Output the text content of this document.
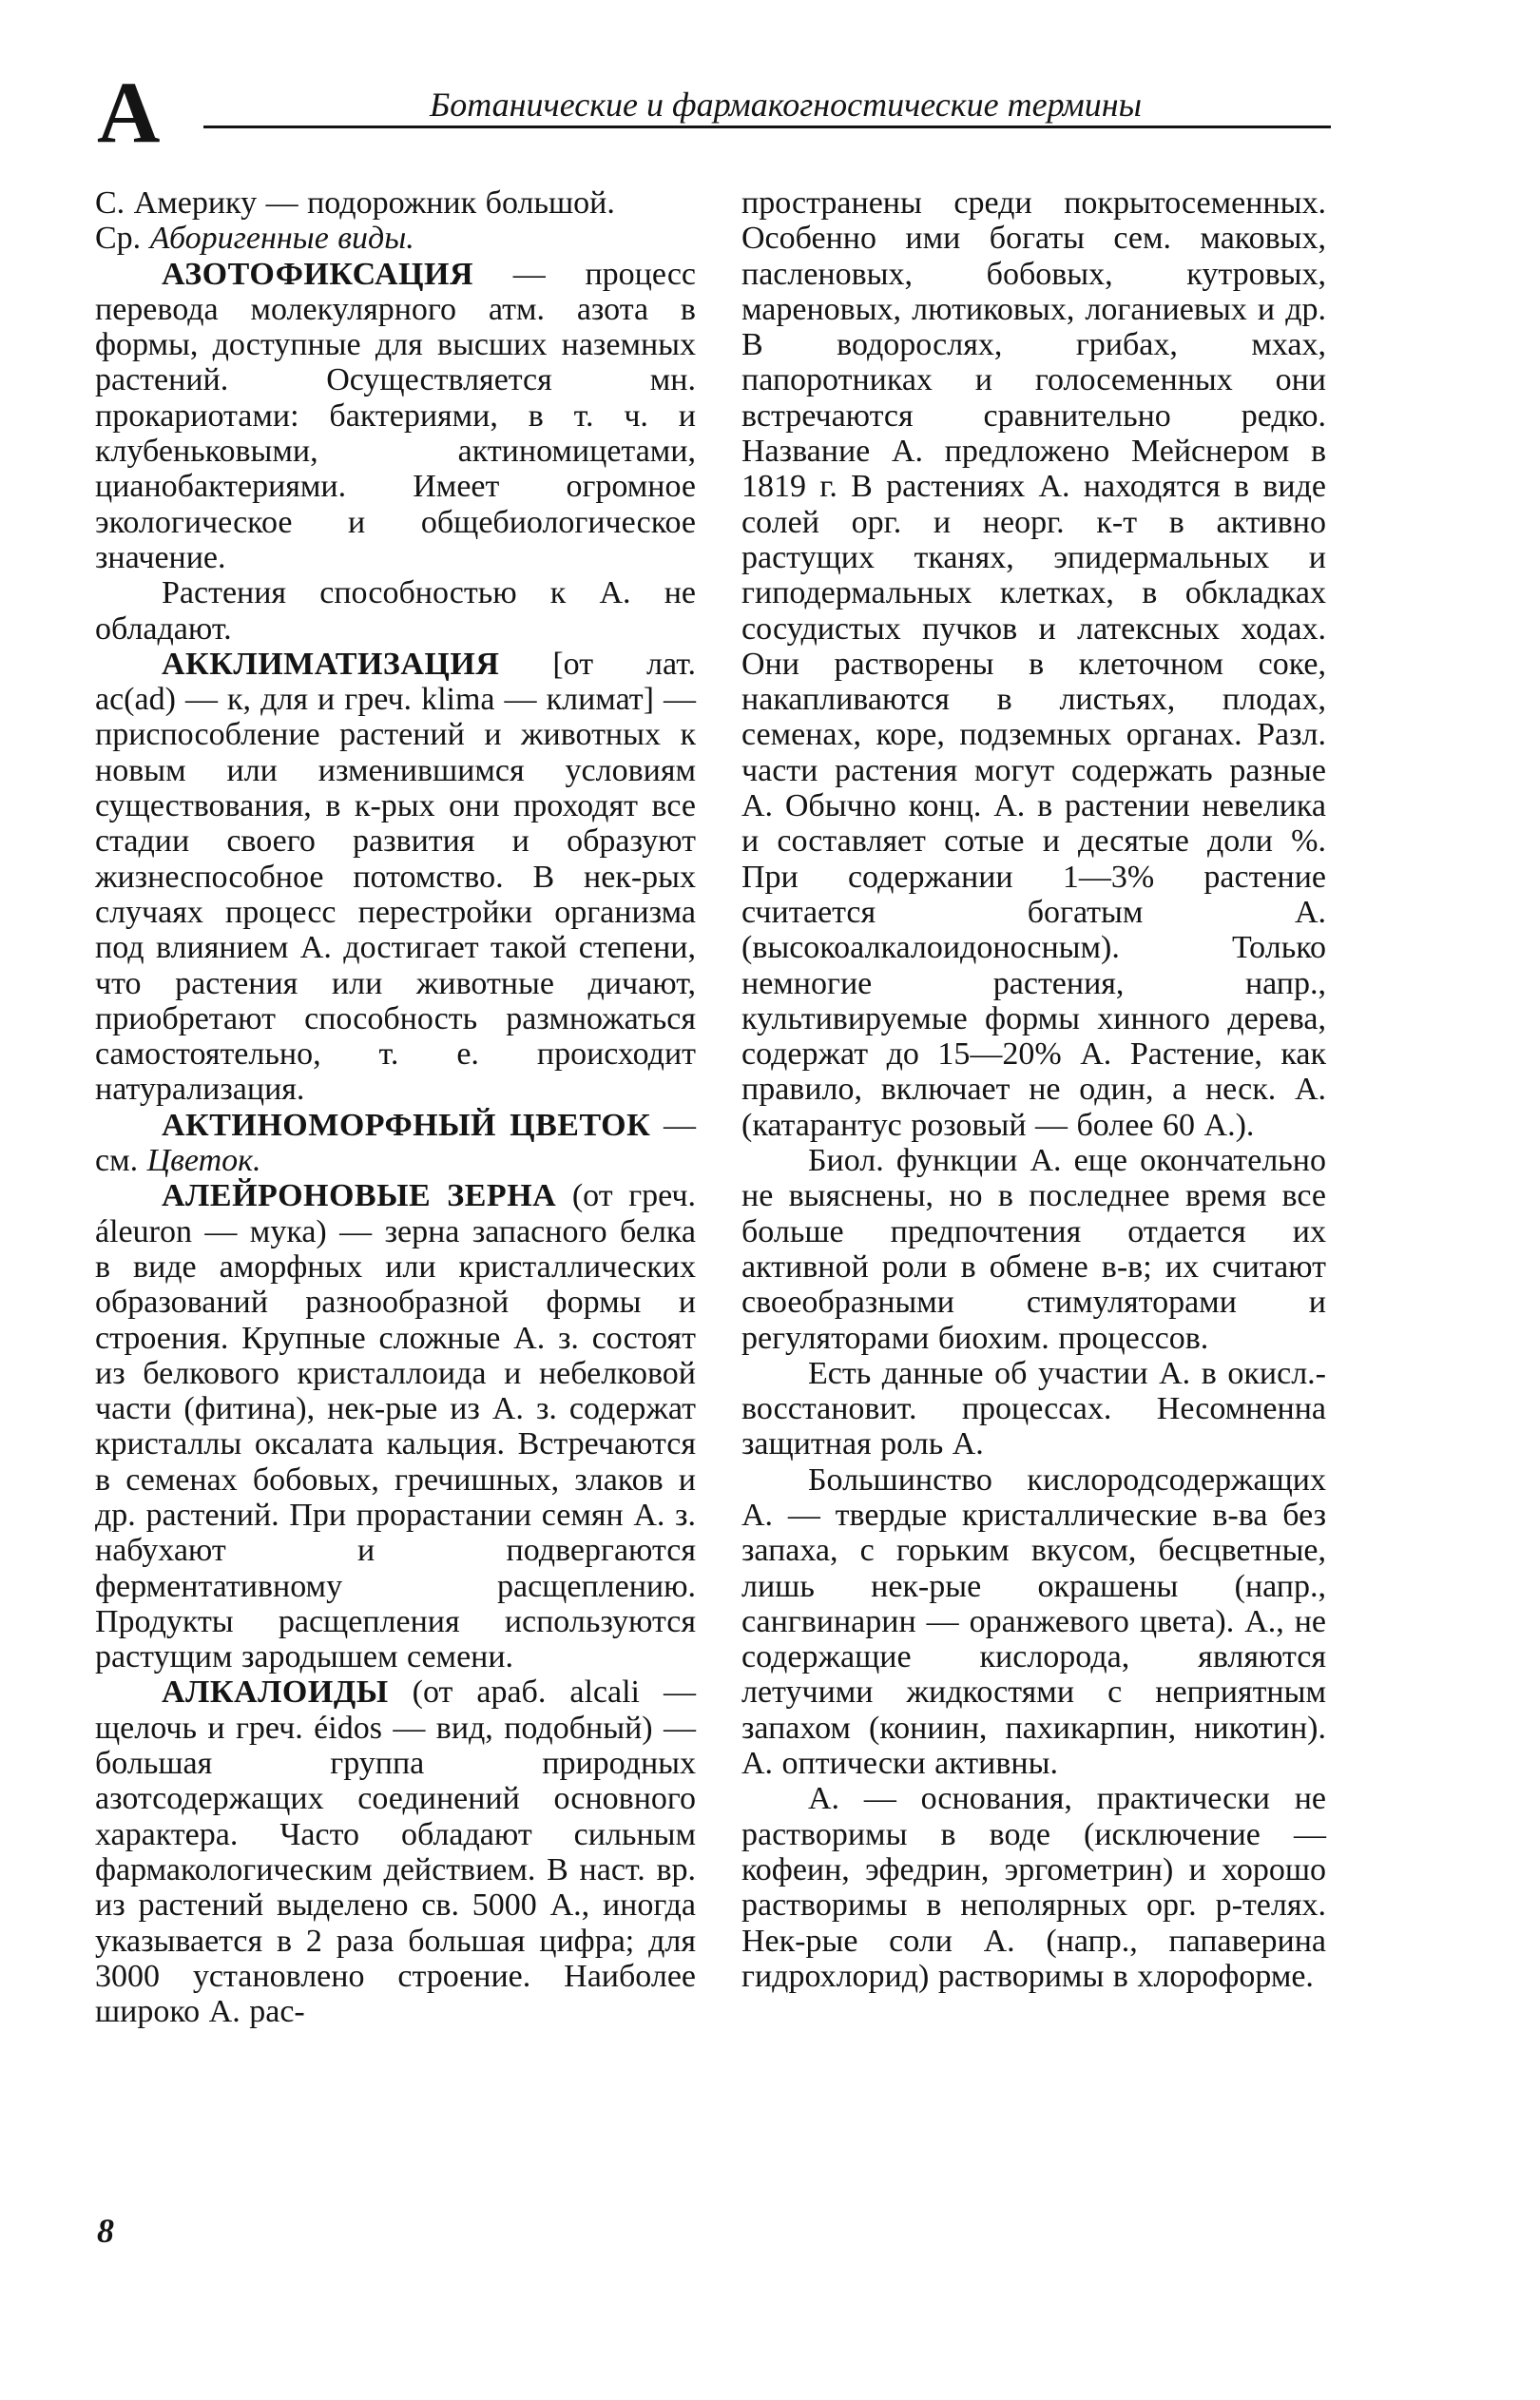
А	Ботанические и фармакогностические термины

С. Америку — подорожник большой.
Ср. Аборигенные виды.

АЗОТОФИКСАЦИЯ — процесс перевода молекулярного атм. азота в формы, доступные для высших наземных растений. Осуществляется мн. прокариотами: бактериями, в т. ч. и клубеньковыми, актиномицетами, цианобактериями. Имеет огромное экологическое и общебиологическое значение.

Растения способностью к А. не обладают.

АККЛИМАТИЗАЦИЯ [от лат. ac(ad) — к, для и греч. klima — климат] — приспособление растений и животных к новым или изменившимся условиям существования, в к-рых они проходят все стадии своего развития и образуют жизнеспособное потомство. В нек-рых случаях процесс перестройки организма под влиянием А. достигает такой степени, что растения или животные дичают, приобретают способность размножаться самостоятельно, т. е. происходит натурализация.

АКТИНОМОРФНЫЙ ЦВЕТОК — см. Цветок.

АЛЕЙРОНОВЫЕ ЗЕРНА (от греч. áleuron — мука) — зерна запасного белка в виде аморфных или кристаллических образований разнообразной формы и строения. Крупные сложные А. з. состоят из белкового кристаллоида и небелковой части (фитина), нек-рые из А. з. содержат кристаллы оксалата кальция. Встречаются в семенах бобовых, гречишных, злаков и др. растений. При прорастании семян А. з. набухают и подвергаются ферментативному расщеплению. Продукты расщепления используются растущим зародышем семени.

АЛКАЛОИДЫ (от араб. alcali — щелочь и греч. éidos — вид, подобный) — большая группа природных азотсодержащих соединений основного характера. Часто обладают сильным фармакологическим действием. В наст. вр. из растений выделено св. 5000 А., иногда указывается в 2 раза большая цифра; для 3000 установлено строение. Наиболее широко А. рас-

пространены среди покрытосеменных. Особенно ими богаты сем. маковых, пасленовых, бобовых, кутровых, мареновых, лютиковых, логаниевых и др. В водорослях, грибах, мхах, папоротниках и голосеменных они встречаются сравнительно редко. Название А. предложено Мейснером в 1819 г. В растениях А. находятся в виде солей орг. и неорг. к-т в активно растущих тканях, эпидермальных и гиподермальных клетках, в обкладках сосудистых пучков и латексных ходах. Они растворены в клеточном соке, накапливаются в листьях, плодах, семенах, коре, подземных органах. Разл. части растения могут содержать разные А. Обычно конц. А. в растении невелика и составляет сотые и десятые доли %. При содержании 1—3% растение считается богатым А. (высокоалкалоидоносным). Только немногие растения, напр., культивируемые формы хинного дерева, содержат до 15—20% А. Растение, как правило, включает не один, а неск. А. (катарантус розовый — более 60 А.).

Биол. функции А. еще окончательно не выяснены, но в последнее время все больше предпочтения отдается их активной роли в обмене в-в; их считают своеобразными стимуляторами и регуляторами биохим. процессов.

Есть данные об участии А. в окисл.-восстановит. процессах. Несомненна защитная роль А.

Большинство кислородсодержащих А. — твердые кристаллические в-ва без запаха, с горьким вкусом, бесцветные, лишь нек-рые окрашены (напр., сангвинарин — оранжевого цвета). А., не содержащие кислорода, являются летучими жидкостями с неприятным запахом (кониин, пахикарпин, никотин). А. оптически активны.

А. — основания, практически не растворимы в воде (исключение — кофеин, эфедрин, эргометрин) и хорошо растворимы в неполярных орг. р-телях. Нек-рые соли А. (напр., папаверина гидрохлорид) растворимы в хлороформе.

8
